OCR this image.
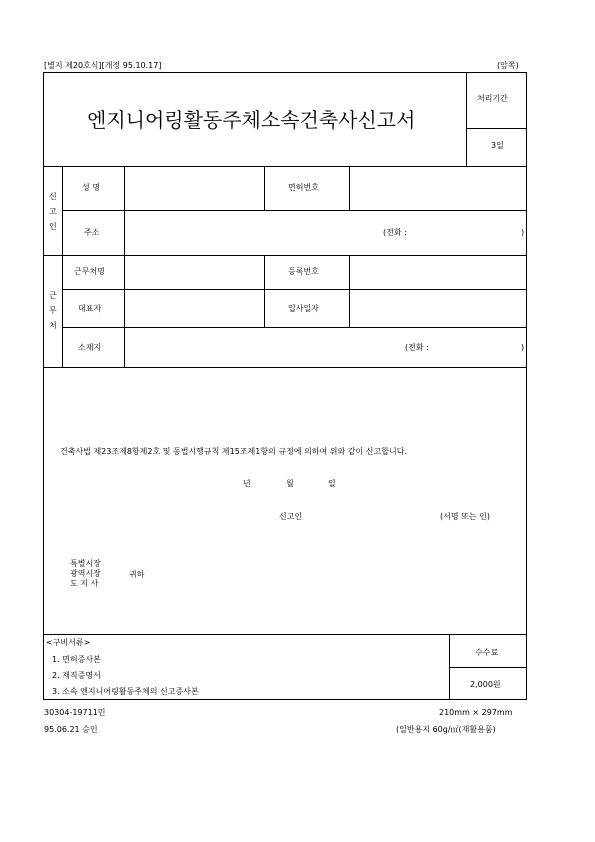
[별지 제20호식][개정 95.10.17]	(앞쪽)
엔지니어링활동주체소속건축사신고서
처리기간
3일
신
고
인
성 명	면허번호
주소	(전화 :	)
근
무
처
근무처명	등록번호
대표자	입사일자
소재지	(전화 :	)
건축사법 제23조제8항제2호 및 동법시행규칙 제15조제1항의 규정에 의하여 위와 같이 신고합니다.
년	월	일
신고인	(서명 또는 인)
특별시장
광역시장
도 지 사
귀하
<구비서류>
1. 면허증사본
2. 재직증명서
3. 소속 엔지니어링활동주체의 신고증사본
수수료
2,000원
30304-19711민
95.06.21 승인
210mm × 297mm
(일반용지 60g/㎡(재활용품)
